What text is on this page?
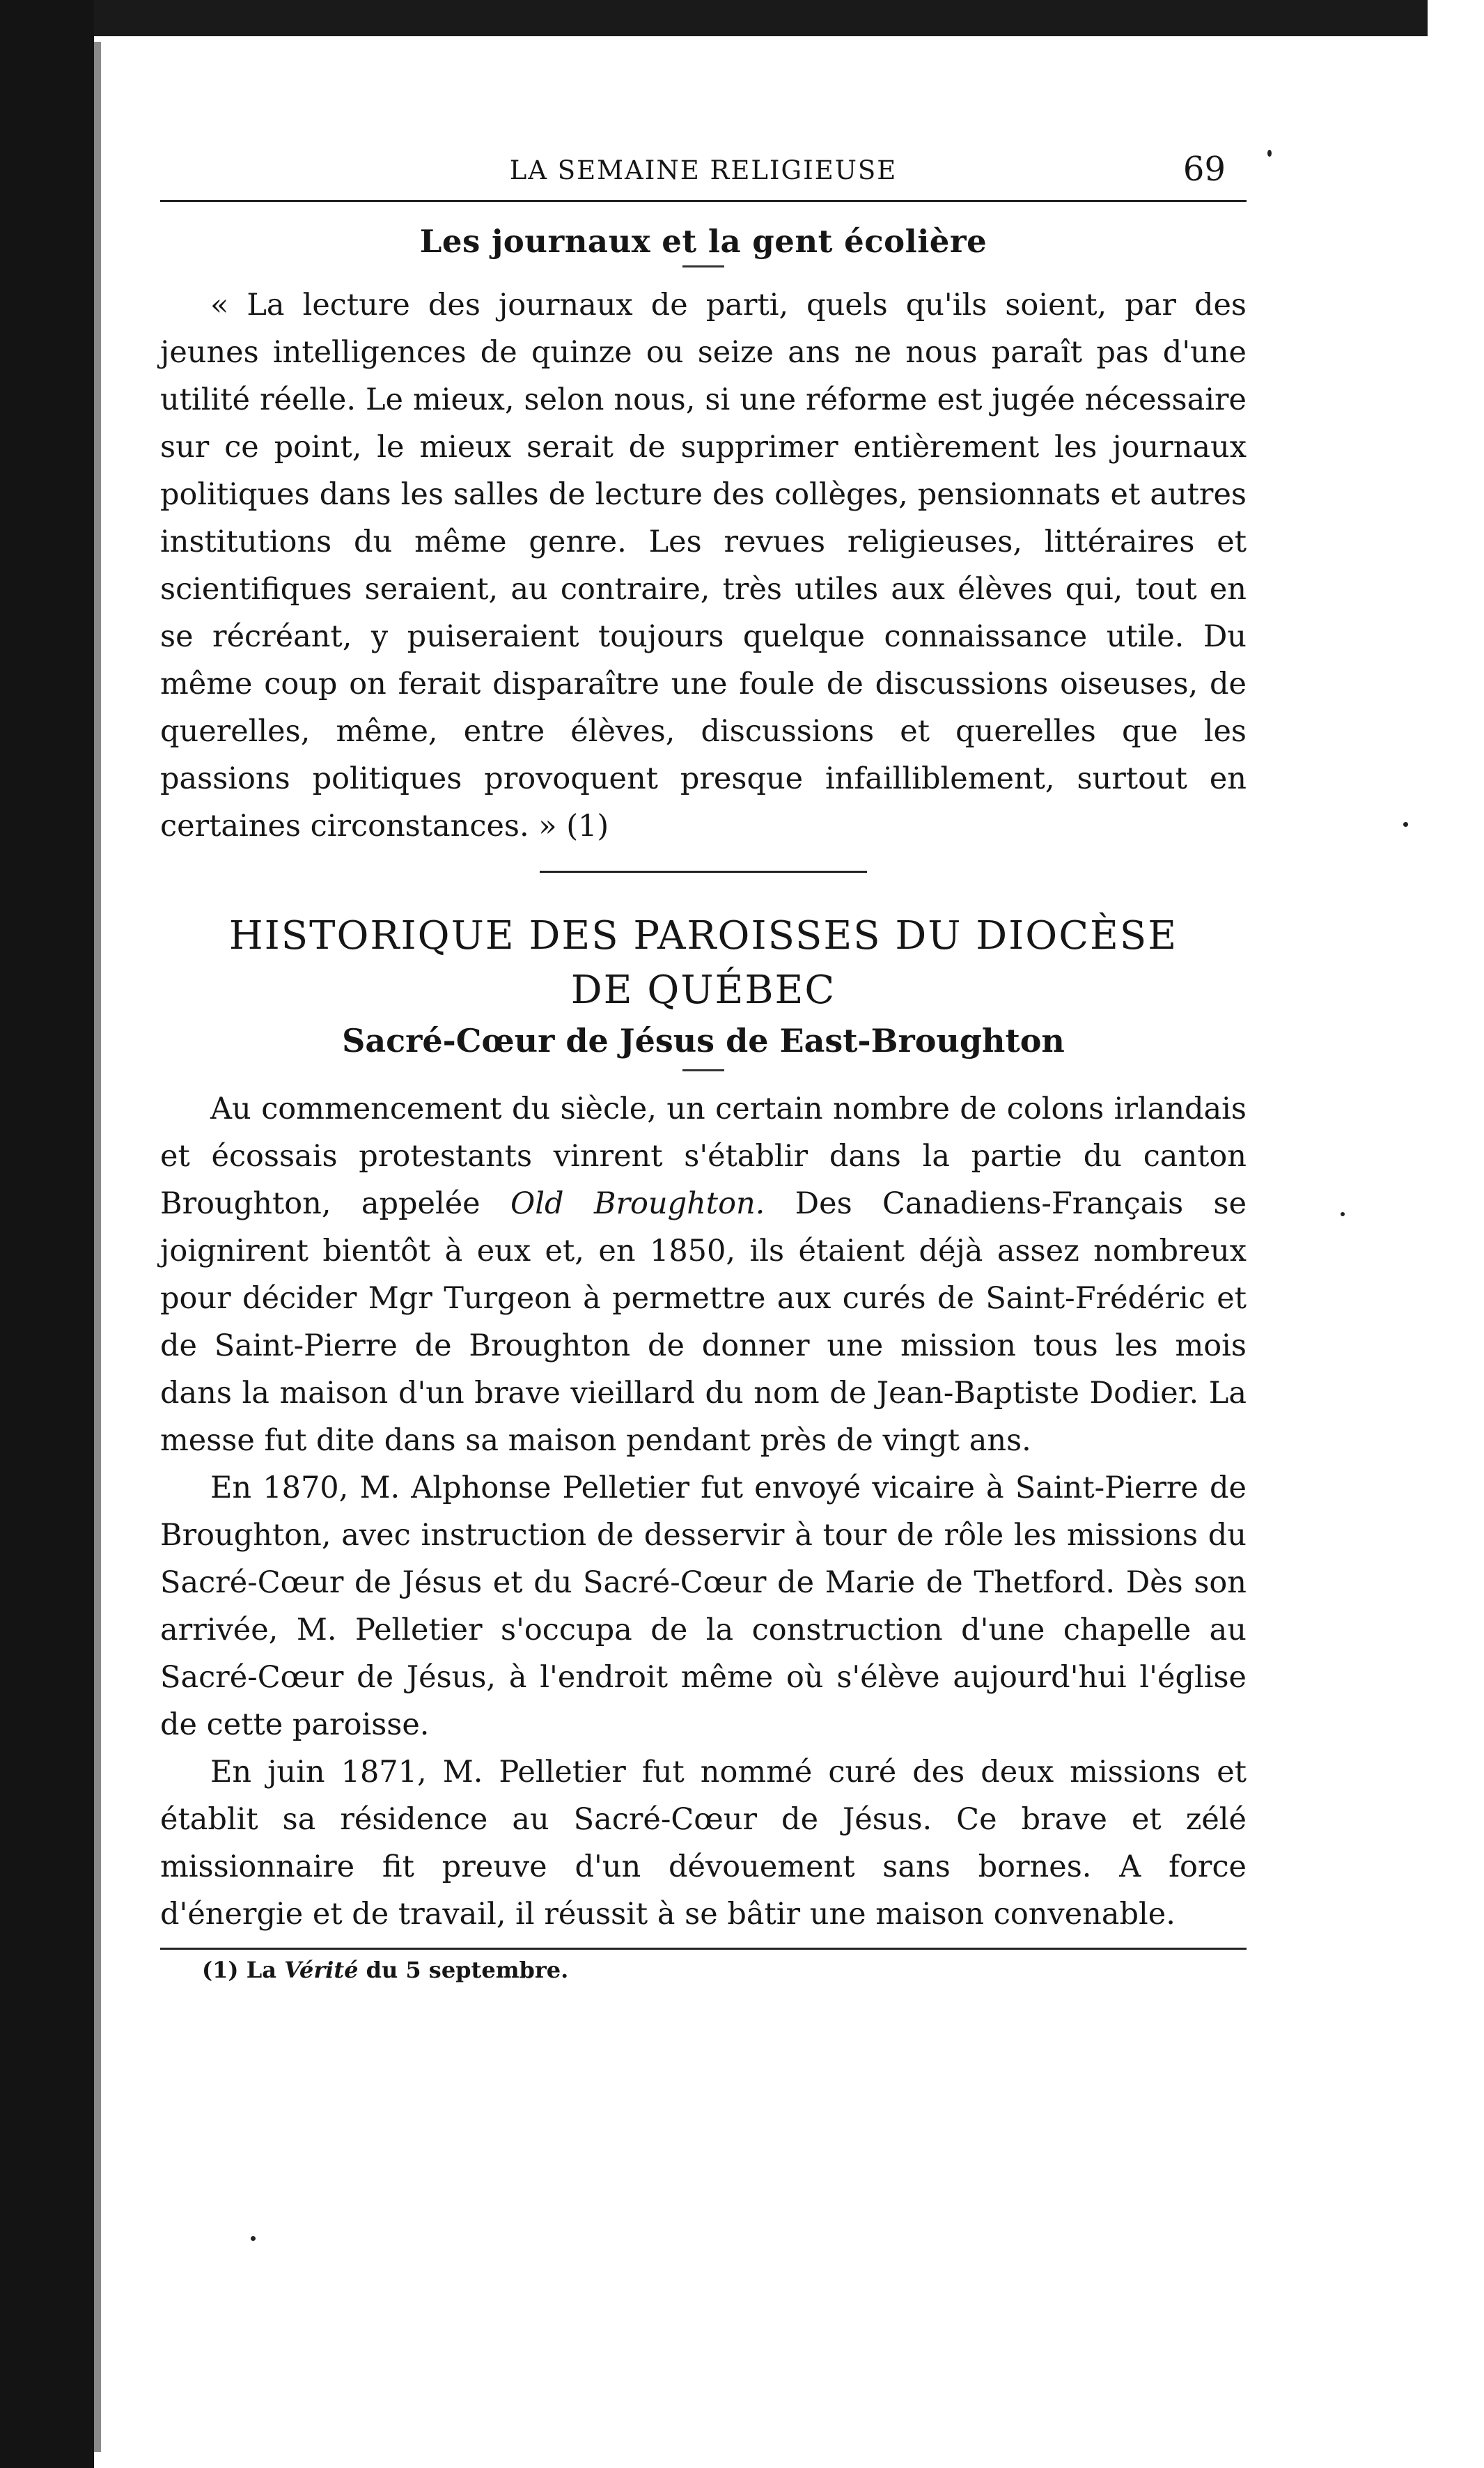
LA SEMAINE RELIGIEUSE	69
Les journaux et la gent écolière

« La lecture des journaux de parti, quels qu'ils soient, par des jeunes intelligences de quinze ou seize ans ne nous paraît pas d'une utilité réelle. Le mieux, selon nous, si une réforme est jugée nécessaire sur ce point, le mieux serait de supprimer entièrement les journaux politiques dans les salles de lecture des collèges, pensionnats et autres institutions du même genre. Les revues religieuses, littéraires et scientifiques seraient, au contraire, très utiles aux élèves qui, tout en se récréant, y puiseraient toujours quelque connaissance utile. Du même coup on ferait disparaître une foule de discussions oiseuses, de querelles, même, entre élèves, discussions et querelles que les passions politiques provoquent presque infailliblement, surtout en certaines circonstances. » (1)

HISTORIQUE DES PAROISSES DU DIOCÈSE
DE QUÉBEC
Sacré-Cœur de Jésus de East-Broughton

Au commencement du siècle, un certain nombre de colons irlandais et écossais protestants vinrent s'établir dans la partie du canton Broughton, appelée Old Broughton. Des Canadiens-Français se joignirent bientôt à eux et, en 1850, ils étaient déjà assez nombreux pour décider Mgr Turgeon à permettre aux curés de Saint-Frédéric et de Saint-Pierre de Broughton de donner une mission tous les mois dans la maison d'un brave vieillard du nom de Jean-Baptiste Dodier. La messe fut dite dans sa maison pendant près de vingt ans.

En 1870, M. Alphonse Pelletier fut envoyé vicaire à Saint-Pierre de Broughton, avec instruction de desservir à tour de rôle les missions du Sacré-Cœur de Jésus et du Sacré-Cœur de Marie de Thetford. Dès son arrivée, M. Pelletier s'occupa de la construction d'une chapelle au Sacré-Cœur de Jésus, à l'endroit même où s'élève aujourd'hui l'église de cette paroisse.

En juin 1871, M. Pelletier fut nommé curé des deux missions et établit sa résidence au Sacré-Cœur de Jésus. Ce brave et zélé missionnaire fit preuve d'un dévouement sans bornes. A force d'énergie et de travail, il réussit à se bâtir une maison convenable.

(1) La Vérité du 5 septembre.
